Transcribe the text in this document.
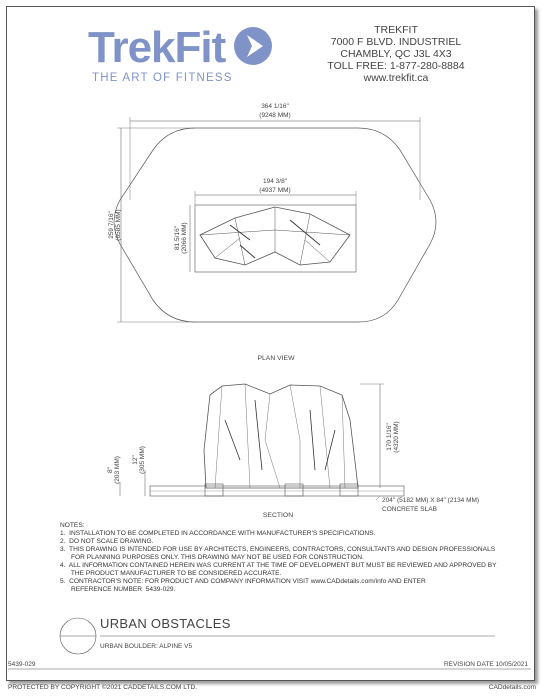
TrekFit
THE ART OF FITNESS
TREKFIT
7000 F BLVD. INDUSTRIEL
CHAMBLY, QC J3L 4X3
TOLL FREE: 1-877-280-8884
www.trekfit.ca
364 1/16"
(9248 MM)
194 3/8"
(4937 MM)
259 7/16" (6585 MM)	81 5/16" (2066 MM)
PLAN VIEW
170 1/16" (4320 MM)
8" (203 MM) 12" (305 MM)
204" (5182 MM) X 84" (2134 MM)
CONCRETE SLAB
SECTION
NOTES:
1.  INSTALLATION TO BE COMPLETED IN ACCORDANCE WITH MANUFACTURER'S SPECIFICATIONS.
2.  DO NOT SCALE DRAWING.
3.  THIS DRAWING IS INTENDED FOR USE BY ARCHITECTS, ENGINEERS, CONTRACTORS, CONSULTANTS AND DESIGN PROFESSIONALS
FOR PLANNING PURPOSES ONLY. THIS DRAWING MAY NOT BE USED FOR CONSTRUCTION.
4.  ALL INFORMATION CONTAINED HEREIN WAS CURRENT AT THE TIME OF DEVELOPMENT BUT MUST BE REVIEWED AND APPROVED BY
THE PRODUCT MANUFACTURER TO BE CONSIDERED ACCURATE.
5.  CONTRACTOR'S NOTE: FOR PRODUCT AND COMPANY INFORMATION VISIT www.CADdetails.com/info AND ENTER
REFERENCE NUMBER  5439-029.
URBAN OBSTACLES
URBAN BOULDER: ALPINE V5
5439-029	REVISION DATE 10/05/2021
PROTECTED BY COPYRIGHT ©2021 CADDETAILS.COM LTD.	CADdetails.com
